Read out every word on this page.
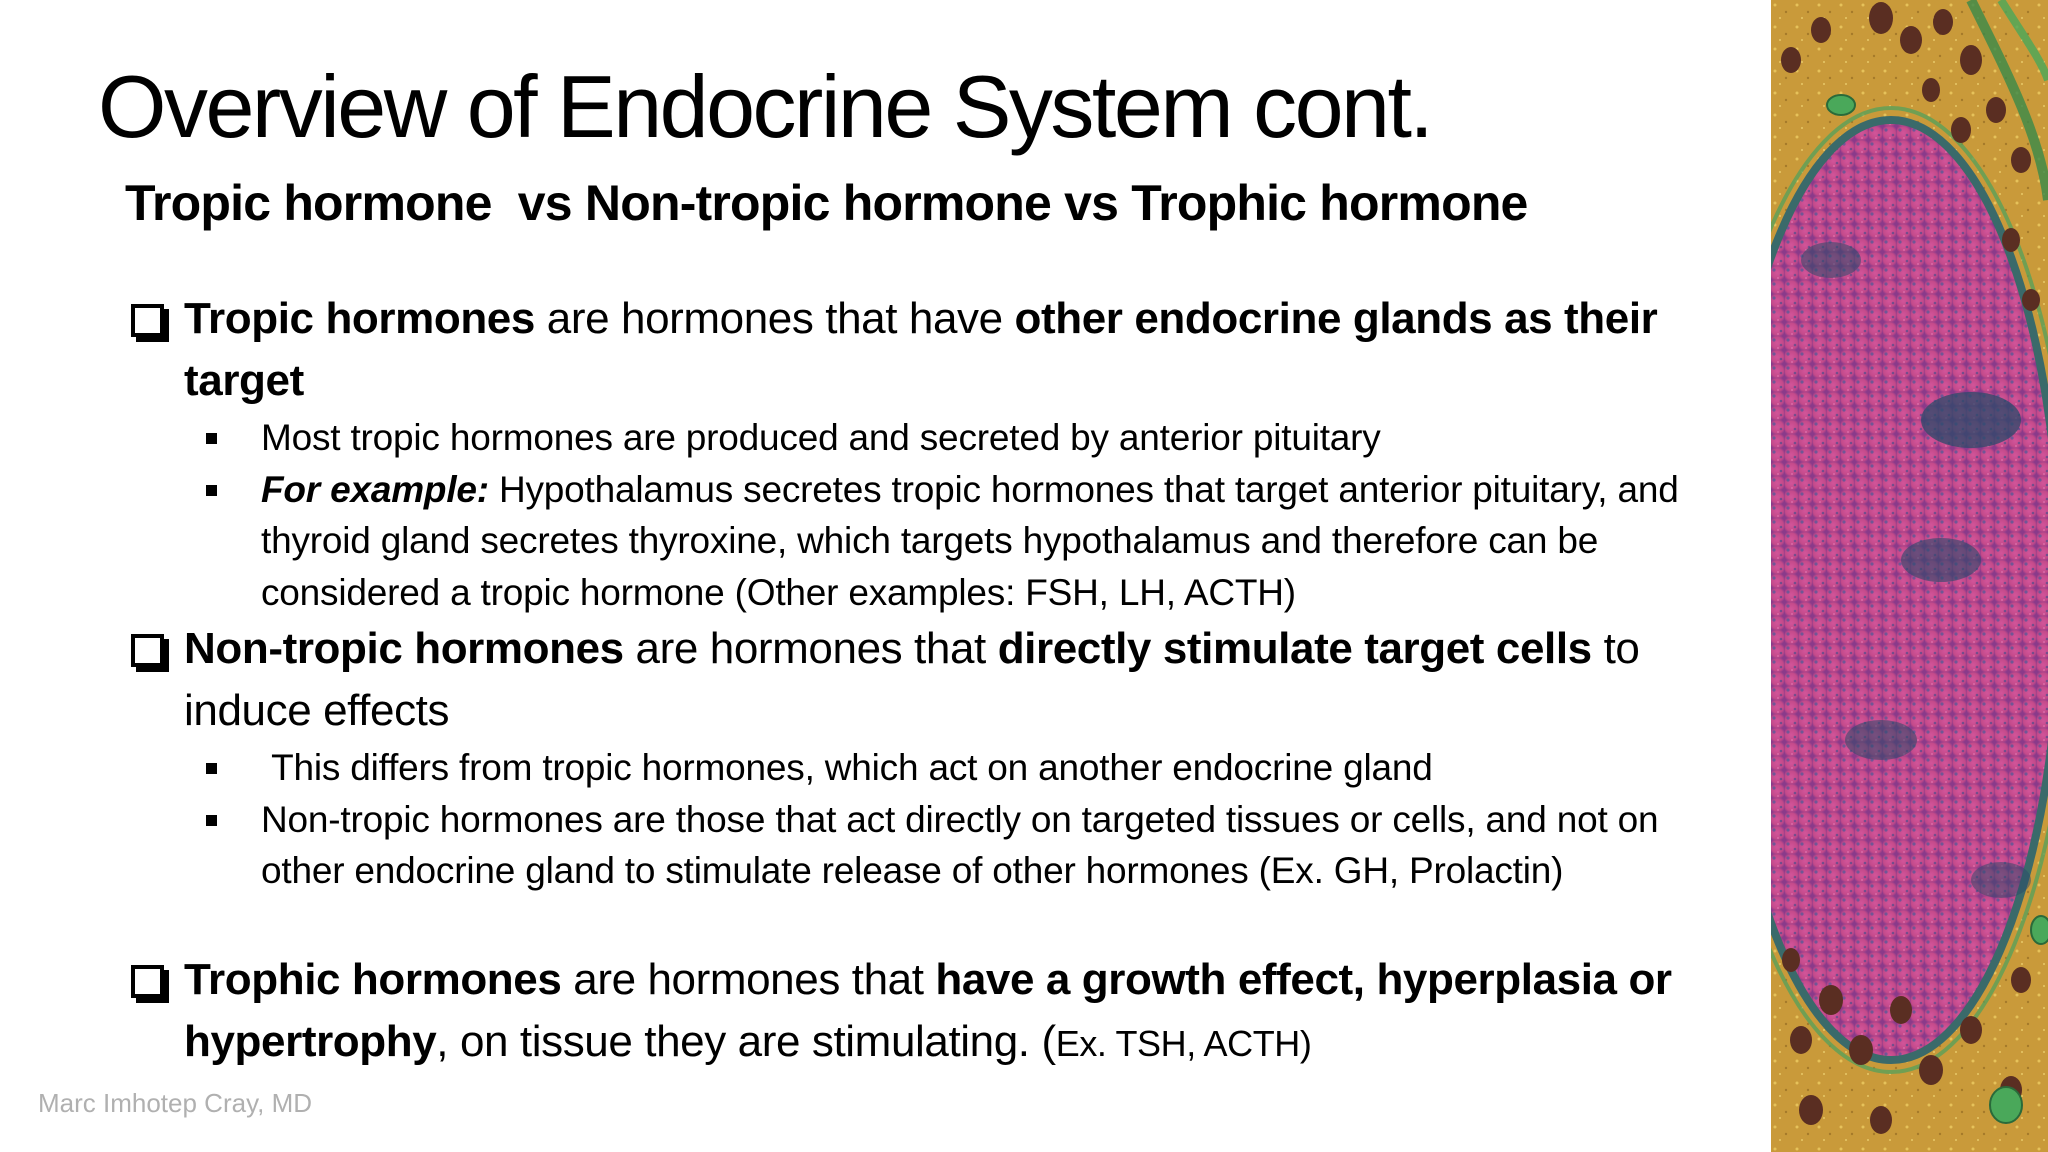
Overview of Endocrine System cont.
Tropic hormone  vs Non-tropic hormone vs Trophic hormone
Tropic hormones are hormones that have other endocrine glands as their target
Most tropic hormones are produced and secreted by anterior pituitary
For example: Hypothalamus secretes tropic hormones that target anterior pituitary, and thyroid gland secretes thyroxine, which targets hypothalamus and therefore can be considered a tropic hormone (Other examples: FSH, LH, ACTH)
Non-tropic hormones are hormones that directly stimulate target cells to induce effects
This differs from tropic hormones, which act on another endocrine gland
Non-tropic hormones are those that act directly on targeted tissues or cells, and not on other endocrine gland to stimulate release of other hormones (Ex. GH, Prolactin)
Trophic hormones are hormones that have a growth effect, hyperplasia or hypertrophy, on tissue they are stimulating. (Ex. TSH, ACTH)
Marc Imhotep Cray, MD
